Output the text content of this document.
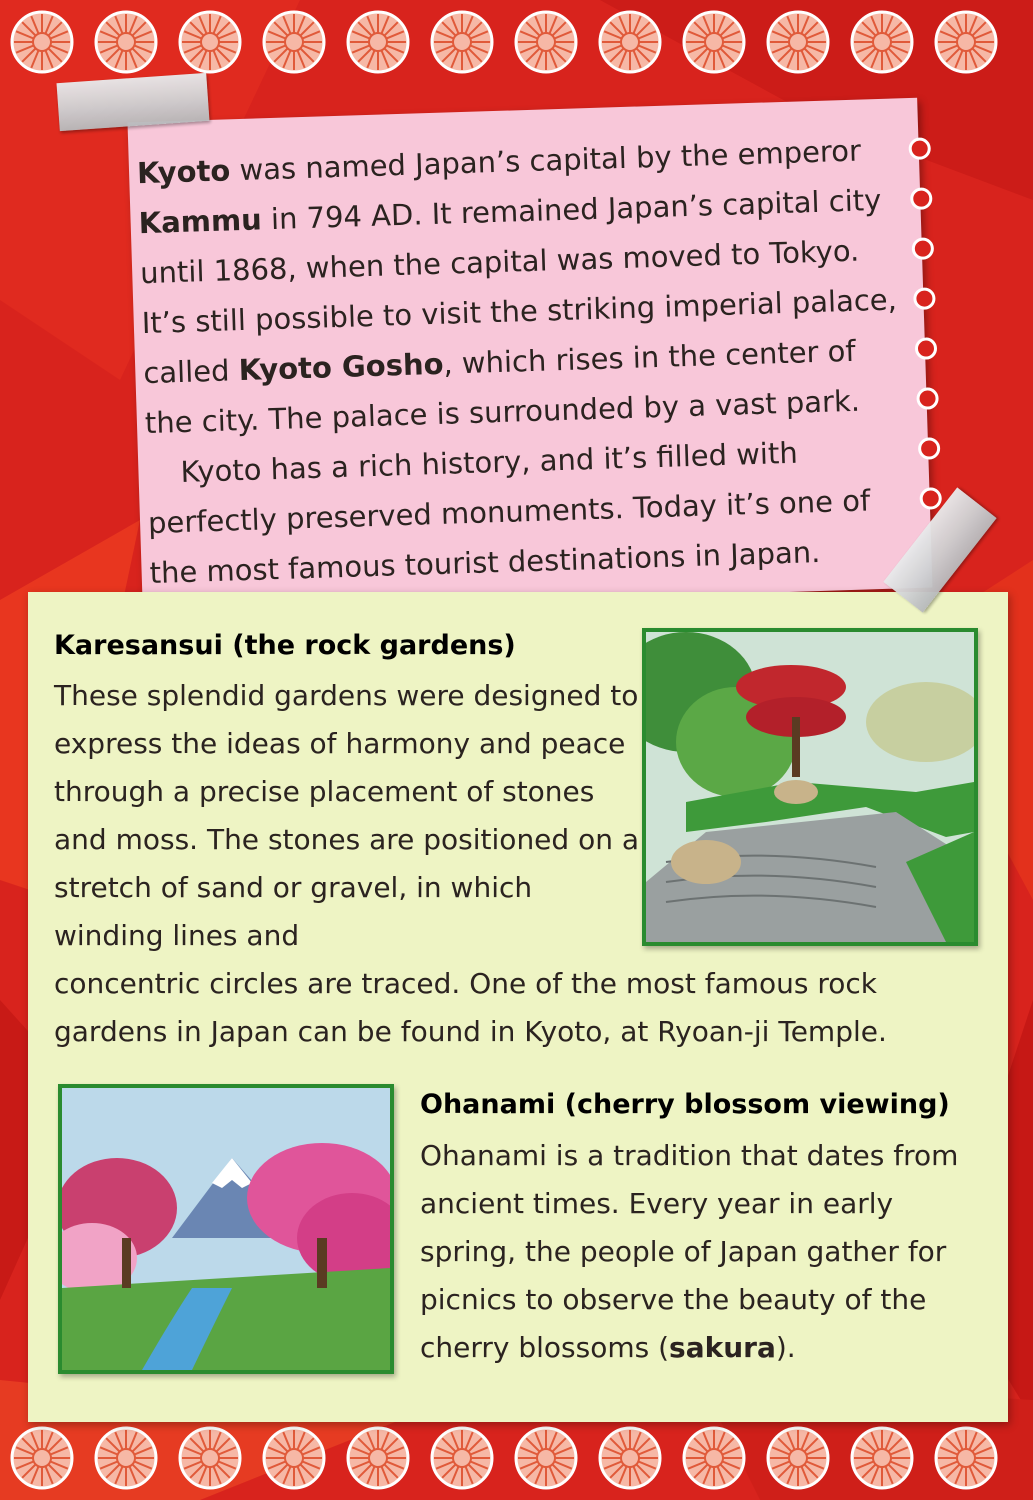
Kyoto was named Japan’s capital by the emperor Kammu in 794 AD. It remained Japan’s capital city until 1868, when the capital was moved to Tokyo. It’s still possible to visit the striking imperial palace, called Kyoto Gosho, which rises in the center of the city. The palace is surrounded by a vast park.

Kyoto has a rich history, and it’s filled with perfectly preserved monuments. Today it’s one of the most famous tourist destinations in Japan.

Karesansui (the rock gardens)
These splendid gardens were designed to express the ideas of harmony and peace through a precise placement of stones and moss. The stones are positioned on a stretch of sand or gravel, in which winding lines and
concentric circles are traced. One of the most famous rock gardens in Japan can be found in Kyoto, at Ryoan-ji Temple.
Ohanami (cherry blossom viewing)
Ohanami is a tradition that dates from ancient times. Every year in early spring, the people of Japan gather for picnics to observe the beauty of the cherry blossoms (sakura).
